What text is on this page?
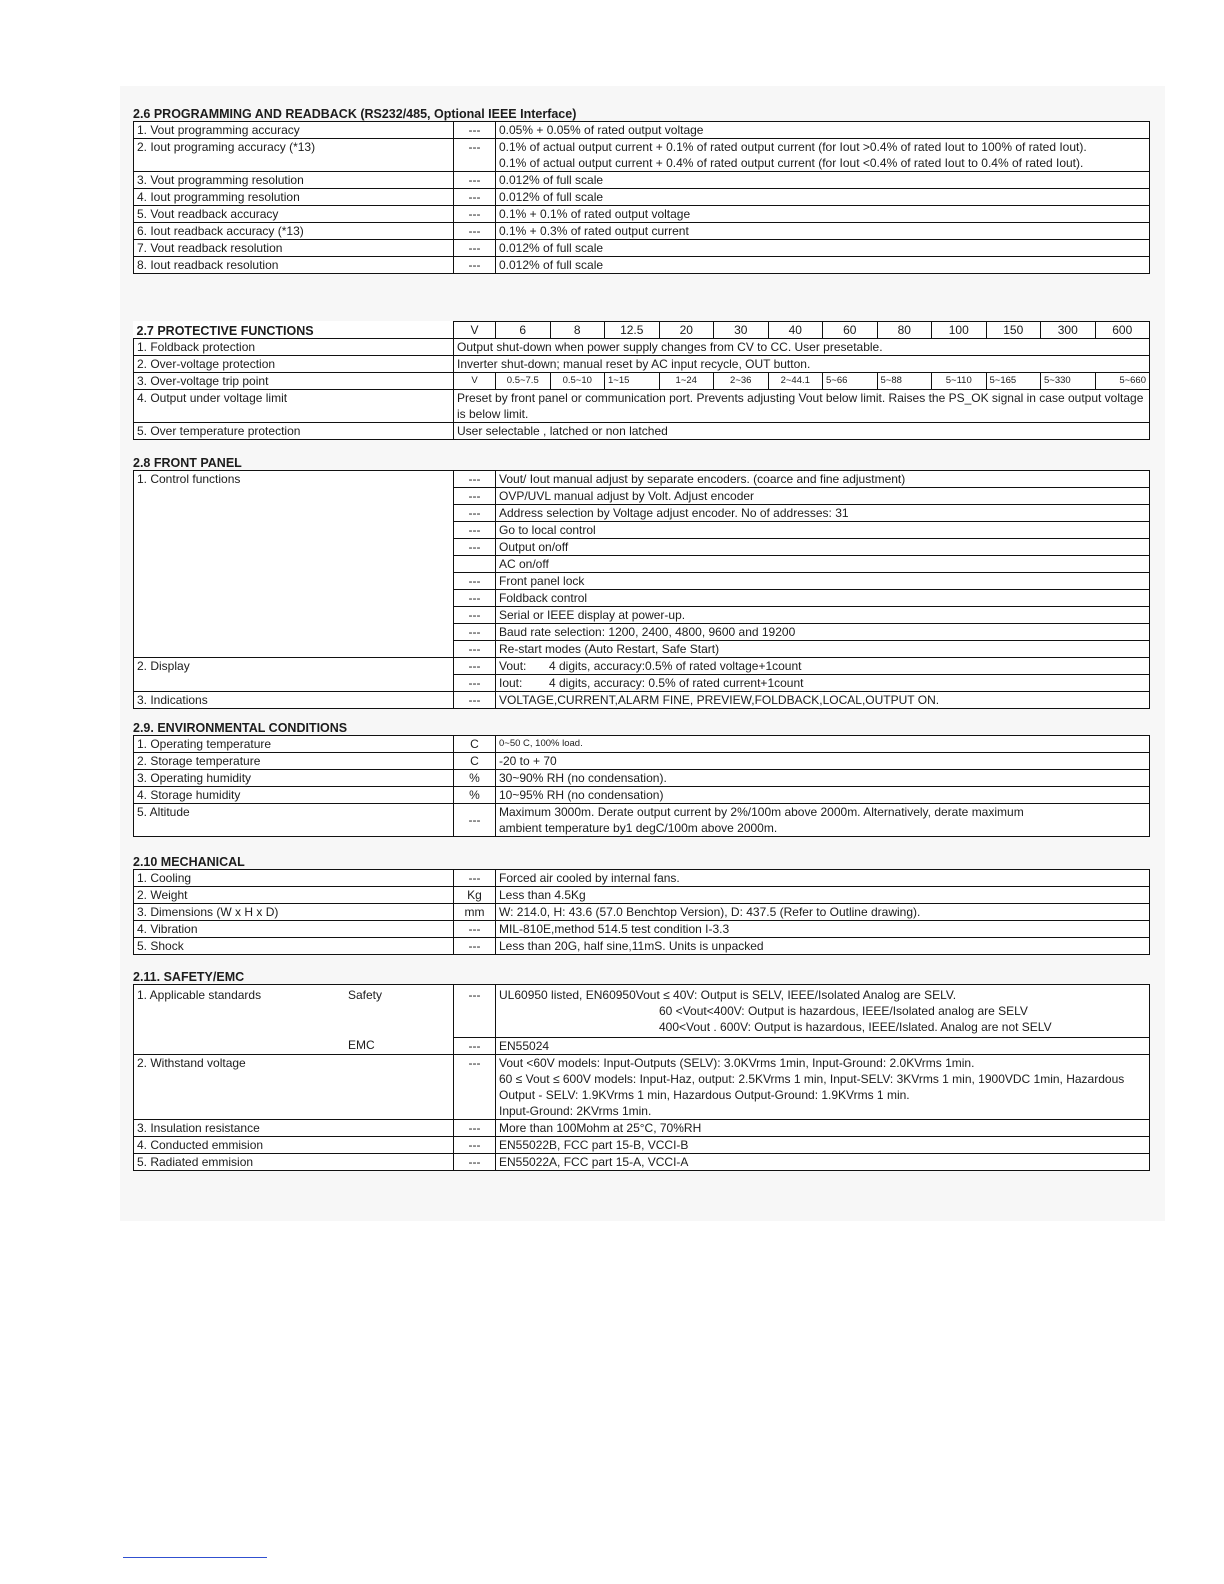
2.6 PROGRAMMING AND READBACK (RS232/485, Optional IEEE Interface)
1. Vout programming accuracy	---	0.05% + 0.05% of rated output voltage
2. Iout programing accuracy (*13)	---	0.1% of actual output current + 0.1% of rated output current (for Iout >0.4% of rated Iout to 100% of rated Iout).
0.1% of actual output current + 0.4% of rated output current (for Iout <0.4% of rated Iout to 0.4% of rated Iout).

3. Vout programming resolution	---	0.012% of full scale
4. Iout programming resolution	---	0.012% of full scale
5. Vout readback accuracy	---	0.1% + 0.1% of rated output voltage
6. Iout readback accuracy (*13)	---	0.1% + 0.3% of rated output current
7. Vout readback resolution	---	0.012% of full scale
8. Iout readback resolution	---	0.012% of full scale
2.7 PROTECTIVE FUNCTIONS	V	6	8	12.5	20	30	40	60	80	100	150	300	600
1. Foldback protection	Output shut-down when power supply changes from CV to CC. User presetable.												
2. Over-voltage protection	Inverter shut-down; manual reset by AC input recycle, OUT button.												
3. Over-voltage trip point	V	0.5~7.5	0.5~10	1~15	1~24	2~36	2~44.1	5~66	5~88	5~110	5~165	5~330	5~660
4. Output under voltage limit	Preset by front panel or communication port. Prevents adjusting Vout below limit. Raises the PS_OK signal in case output voltage is below limit.												
5. Over temperature protection	User selectable , latched or non latched												
2.8 FRONT PANEL
1. Control functions	---	Vout/ Iout manual adjust by separate encoders. (coarce and fine adjustment)
	---	OVP/UVL manual adjust by Volt. Adjust encoder
	---	Address selection by Voltage adjust encoder. No of addresses: 31
	---	Go to local control
	---	Output on/off
		AC on/off
	---	Front panel lock
	---	Foldback control
	---	Serial or IEEE display at power-up.
	---	Baud rate selection: 1200, 2400, 4800, 9600 and 19200
	---	Re-start modes (Auto Restart, Safe Start)
2. Display	---	Vout: 4 digits, accuracy:0.5% of rated voltage+1count
	---	Iout: 4 digits, accuracy: 0.5% of rated current+1count
3. Indications	---	VOLTAGE,CURRENT,ALARM FINE, PREVIEW,FOLDBACK,LOCAL,OUTPUT ON.
2.9. ENVIRONMENTAL CONDITIONS
1. Operating temperature	C	0~50 C, 100% load.
2. Storage temperature	C	-20 to + 70
3. Operating humidity	%	30~90% RH (no condensation).
4. Storage humidity	%	10~95% RH (no condensation)
5. Altitude	---	Maximum 3000m. Derate output current by 2%/100m above 2000m. Alternatively, derate maximum ambient temperature by1 degC/100m above 2000m.
2.10 MECHANICAL
1. Cooling	---	Forced air cooled by internal fans.
2. Weight	Kg	Less than 4.5Kg
3. Dimensions (W x H x D)	mm	W: 214.0, H: 43.6 (57.0 Benchtop Version), D: 437.5 (Refer to Outline drawing).
4. Vibration	---	MIL-810E,method 514.5 test condition I-3.3
5. Shock	---	Less than 20G, half sine,11mS. Units is unpacked
2.11. SAFETY/EMC
1. Applicable standards Safety	---	UL60950 listed, EN60950Vout ≤ 40V: Output is SELV, IEEE/Isolated Analog are SELV.
60 <Vout<400V: Output is hazardous, IEEE/Isolated analog are SELV
400<Vout . 600V: Output is hazardous, IEEE/Islated. Analog are not SELV

EMC	---	EN55024
2. Withstand voltage	---	Vout <60V models: Input-Outputs (SELV): 3.0KVrms 1min, Input-Ground: 2.0KVrms 1min.
60 ≤ Vout ≤ 600V models: Input-Haz, output: 2.5KVrms 1 min, Input-SELV: 3KVrms 1 min, 1900VDC 1min, Hazardous Output - SELV: 1.9KVrms 1 min, Hazardous Output-Ground: 1.9KVrms 1 min.
Input-Ground: 2KVrms 1min.

3. Insulation resistance	---	More than 100Mohm at 25°C, 70%RH
4. Conducted emmision	---	EN55022B, FCC part 15-B, VCCI-B
5. Radiated emmision	---	EN55022A, FCC part 15-A, VCCI-A
